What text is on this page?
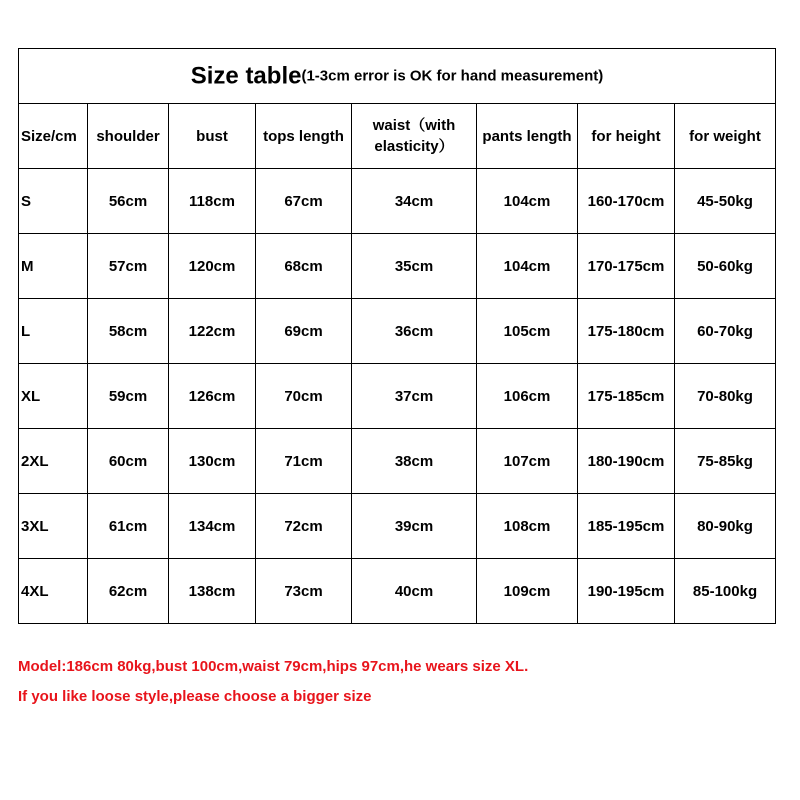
Size table(1-3cm error is OK for hand measurement)							
Size/cm	shoulder	bust	tops length	waist（with elasticity）	pants length	for height	for weight
S	56cm	118cm	67cm	34cm	104cm	160-170cm	45-50kg
M	57cm	120cm	68cm	35cm	104cm	170-175cm	50-60kg
L	58cm	122cm	69cm	36cm	105cm	175-180cm	60-70kg
XL	59cm	126cm	70cm	37cm	106cm	175-185cm	70-80kg
2XL	60cm	130cm	71cm	38cm	107cm	180-190cm	75-85kg
3XL	61cm	134cm	72cm	39cm	108cm	185-195cm	80-90kg
4XL	62cm	138cm	73cm	40cm	109cm	190-195cm	85-100kg
Model:186cm 80kg,bust 100cm,waist 79cm,hips 97cm,he wears size XL.
If you like loose style,please choose a bigger size
